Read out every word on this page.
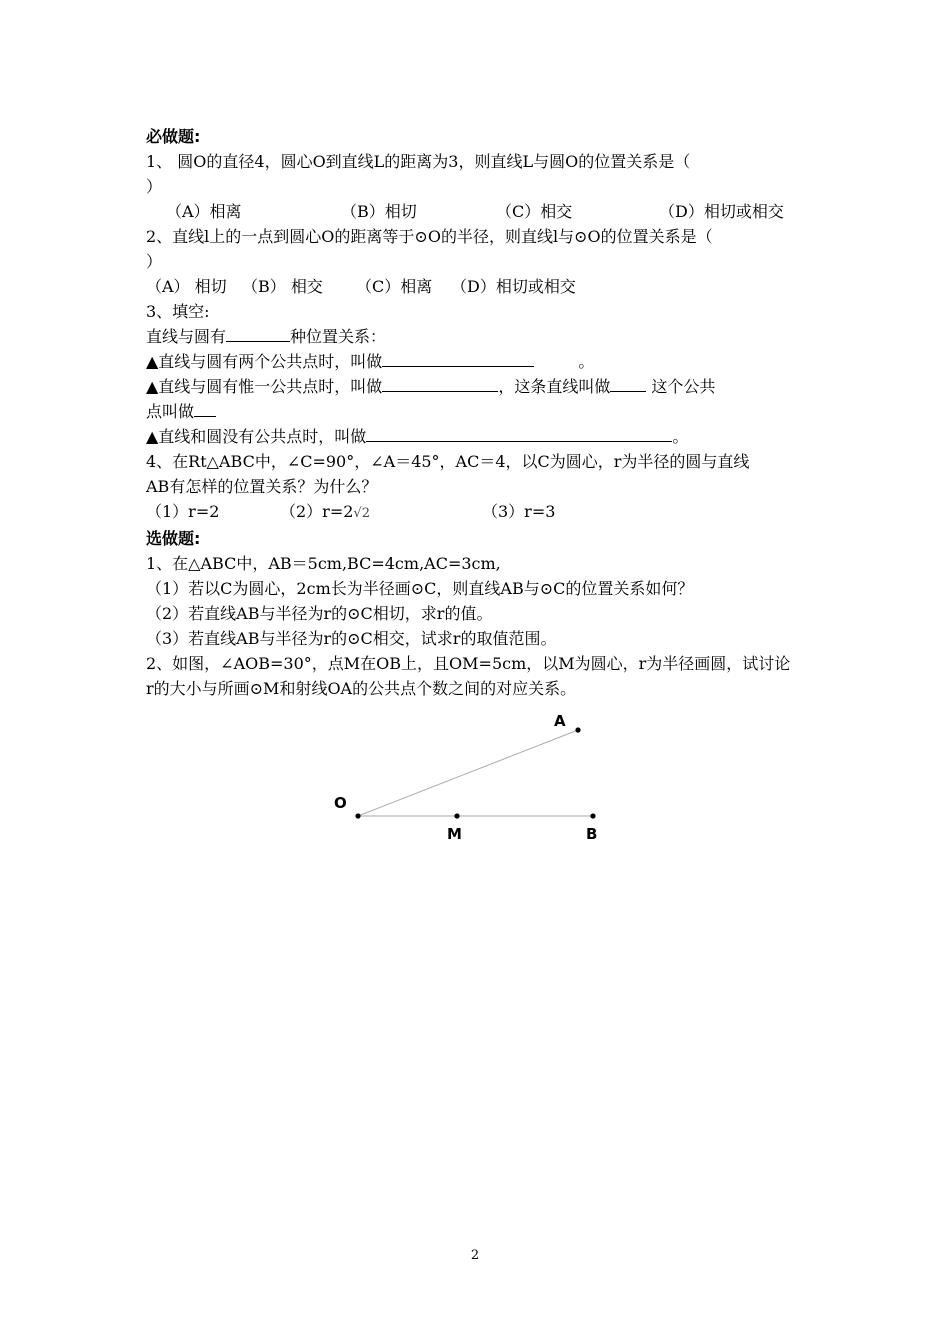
必做题:
1、 圆O的直径4，圆心O到直线L的距离为3，则直线L与圆O的位置关系是（
）
（A）相离	（B）相切	（C）相交	（D）相切或相交
2、直线l上的一点到圆心O的距离等于⊙O的半径，则直线l与⊙O的位置关系是（
）
（A） 相切 （B） 相交	（C）相离	（D）相切或相交
3、填空:
直线与圆有	种位置关系：
▲直线与圆有两个公共点时，叫做	。
▲直线与圆有惟一公共点时，叫做	，这条直线叫做 这个公共
点叫做
▲直线和圆没有公共点时，叫做	。
4、在Rt△ABC中，∠C=90°，∠A＝45°，AC＝4，以C为圆心，r为半径的圆与直线
AB有怎样的位置关系？为什么？
（1）r=2	（2）r=2√2	（3）r=3
选做题:
1、在△ABC中，AB＝5cm,BC=4cm,AC=3cm,
（1）若以C为圆心，2cm长为半径画⊙C，则直线AB与⊙C的位置关系如何？
（2）若直线AB与半径为r的⊙C相切，求r的值。
（3）若直线AB与半径为r的⊙C相交，试求r的取值范围。
2、如图，∠AOB=30°，点M在OB上，且OM=5cm，以M为圆心，r为半径画圆，试讨论
r的大小与所画⊙M和射线OA的公共点个数之间的对应关系。
A
O
M	B
2
